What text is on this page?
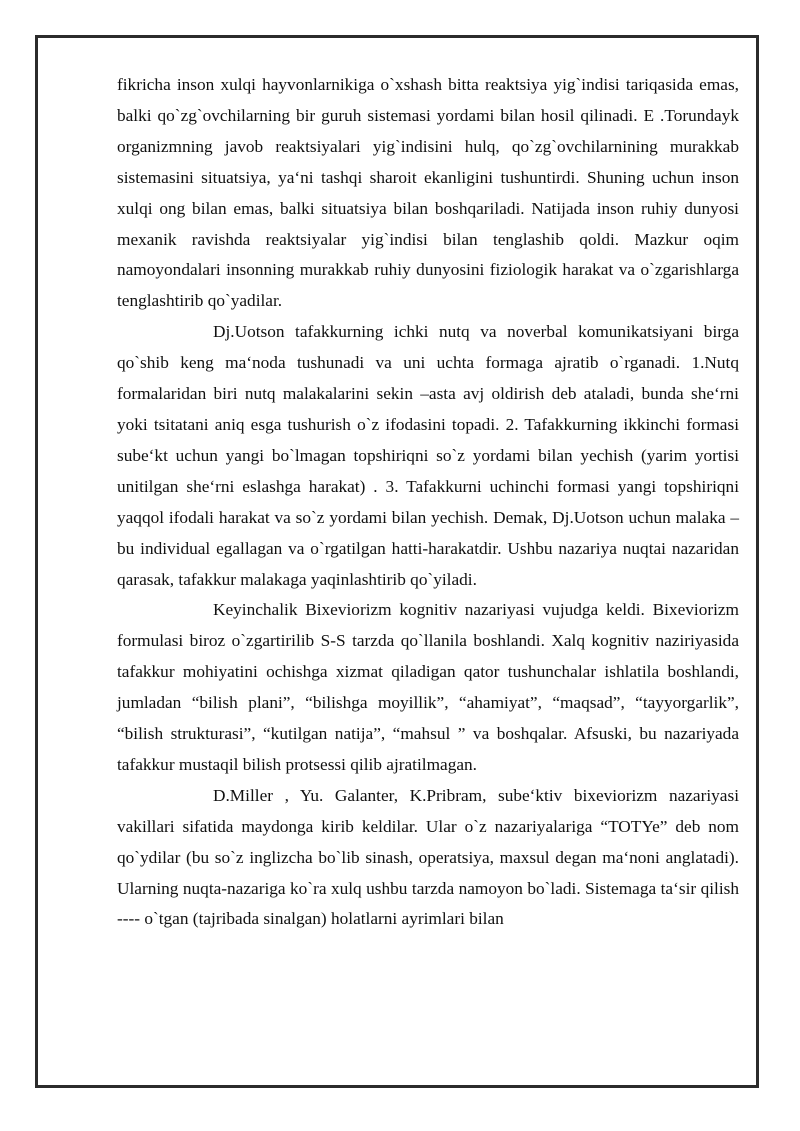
fikricha inson xulqi hayvonlarnikiga o`xshash bitta reaktsiya yig`indisi tariqasida emas, balki qo`zg`ovchilarning bir guruh sistemasi yordami bilan hosil qilinadi. E .Torundayk organizmning javob reaktsiyalari yig`indisini hulq, qo`zg`ovchilarnining murakkab sistemasini situatsiya, ya‘ni tashqi sharoit ekanligini tushuntirdi. Shuning uchun inson xulqi ong bilan emas, balki situatsiya bilan boshqariladi. Natijada inson ruhiy dunyosi mexanik ravishda reaktsiyalar yig`indisi bilan tenglashib qoldi. Mazkur oqim namoyondalari insonning murakkab ruhiy dunyosini fiziologik harakat va o`zgarishlarga tenglashtirib qo`yadilar.

Dj.Uotson tafakkurning ichki nutq va noverbal komunikatsiyani birga qo`shib keng ma‘noda tushunadi va uni uchta formaga ajratib o`rganadi. 1.Nutq formalaridan biri nutq malakalarini sekin –asta avj oldirish deb ataladi, bunda she‘rni yoki tsitatani aniq esga tushurish o`z ifodasini topadi. 2. Tafakkurning ikkinchi formasi sube‘kt uchun yangi bo`lmagan topshiriqni so`z yordami bilan yechish (yarim yortisi unitilgan she‘rni eslashga harakat) . 3. Tafakkurni uchinchi formasi yangi topshiriqni yaqqol ifodali harakat va so`z yordami bilan yechish. Demak, Dj.Uotson uchun malaka –bu individual egallagan va o`rgatilgan hatti-harakatdir. Ushbu nazariya nuqtai nazaridan qarasak, tafakkur malakaga yaqinlashtirib qo`yiladi.

Keyinchalik Bixeviorizm kognitiv nazariyasi vujudga keldi. Bixeviorizm formulasi biroz o`zgartirilib S-S tarzda qo`llanila boshlandi. Xalq kognitiv naziriyasida tafakkur mohiyatini ochishga xizmat qiladigan qator tushunchalar ishlatila boshlandi, jumladan “bilish plani”, “bilishga moyillik”, “ahamiyat”, “maqsad”, “tayyorgarlik”, “bilish strukturasi”, “kutilgan natija”, “mahsul ” va boshqalar. Afsuski, bu nazariyada tafakkur mustaqil bilish protsessi qilib ajratilmagan.

D.Miller , Yu. Galanter, K.Pribram, sube‘ktiv bixeviorizm nazariyasi vakillari sifatida maydonga kirib keldilar. Ular o`z nazariyalariga “TOTYe” deb nom qo`ydilar (bu so`z inglizcha bo`lib sinash, operatsiya, maxsul degan ma‘noni anglatadi). Ularning nuqta-nazariga ko`ra xulq ushbu tarzda namoyon bo`ladi. Sistemaga ta‘sir qilish ---- o`tgan (tajribada sinalgan) holatlarni ayrimlari bilan
